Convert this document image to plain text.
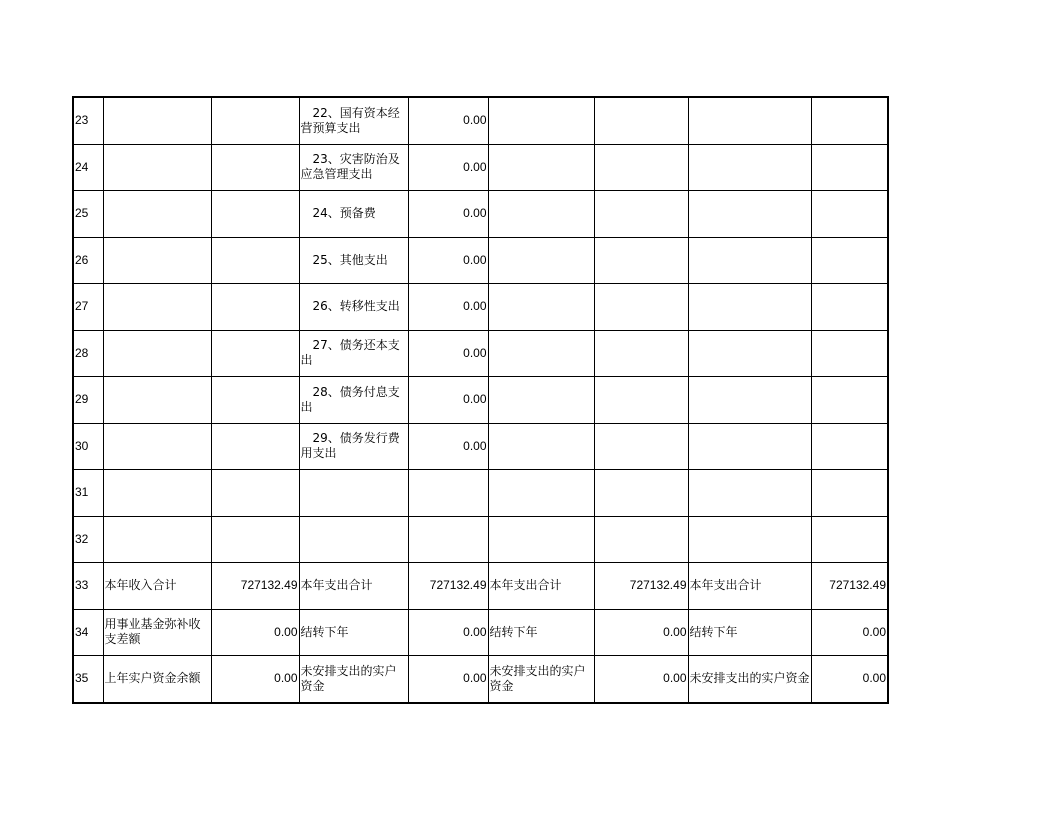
23			　22、国有资本经营预算支出	0.00				
24			　23、灾害防治及应急管理支出	0.00				
25			　24、预备费	0.00				
26			　25、其他支出	0.00				
27			　26、转移性支出	0.00				
28			　27、债务还本支出	0.00				
29			　28、债务付息支出	0.00				
30			　29、债务发行费用支出	0.00				
31								
32								
33	本年收入合计	727132.49	本年支出合计	727132.49	本年支出合计	727132.49	本年支出合计	727132.49
34	用事业基金弥补收支差额	0.00	结转下年	0.00	结转下年	0.00	结转下年	0.00
35	上年实户资金余额	0.00	未安排支出的实户资金	0.00	未安排支出的实户资金	0.00	未安排支出的实户资金	0.00
